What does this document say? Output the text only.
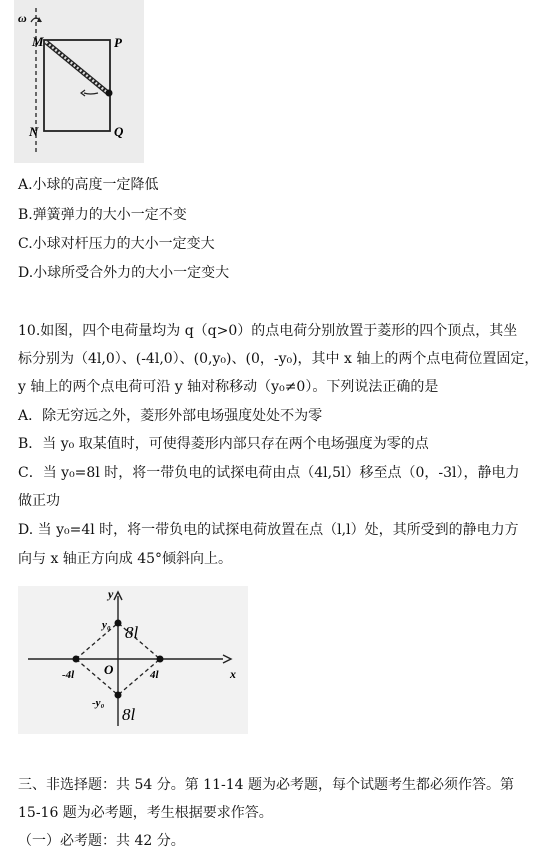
ω
M	P
N	Q
A.小球的高度一定降低
B.弹簧弹力的大小一定不变
C.小球对杆压力的大小一定变大
D.小球所受合外力的大小一定变大
10.如图，四个电荷量均为 q（q>0）的点电荷分别放置于菱形的四个顶点，其坐
标分别为（4l,0）、(-4l,0）、(0,y₀)、(0，-y₀)，其中 x 轴上的两个点电荷位置固定，
y 轴上的两个点电荷可沿 y 轴对称移动（y₀≠0）。下列说法正确的是
A．除无穷远之外，菱形外部电场强度处处不为零
B．当 y₀ 取某值时，可使得菱形内部只存在两个电场强度为零的点
C．当 y₀=8l 时，将一带负电的试探电荷由点（4l,5l）移至点（0，-3l），静电力
做正功
D. 当 y₀=4l 时，将一带负电的试探电荷放置在点（l,l）处，其所受到的静电力方
向与 x 轴正方向成 45°倾斜向上。
y
x
O
y₀
-y₀
-4l	4l
8l
8l
三、非选择题：共 54 分。第 11-14 题为必考题，每个试题考生都必须作答。第
15-16 题为必考题，考生根据要求作答。
（一）必考题：共 42 分。
